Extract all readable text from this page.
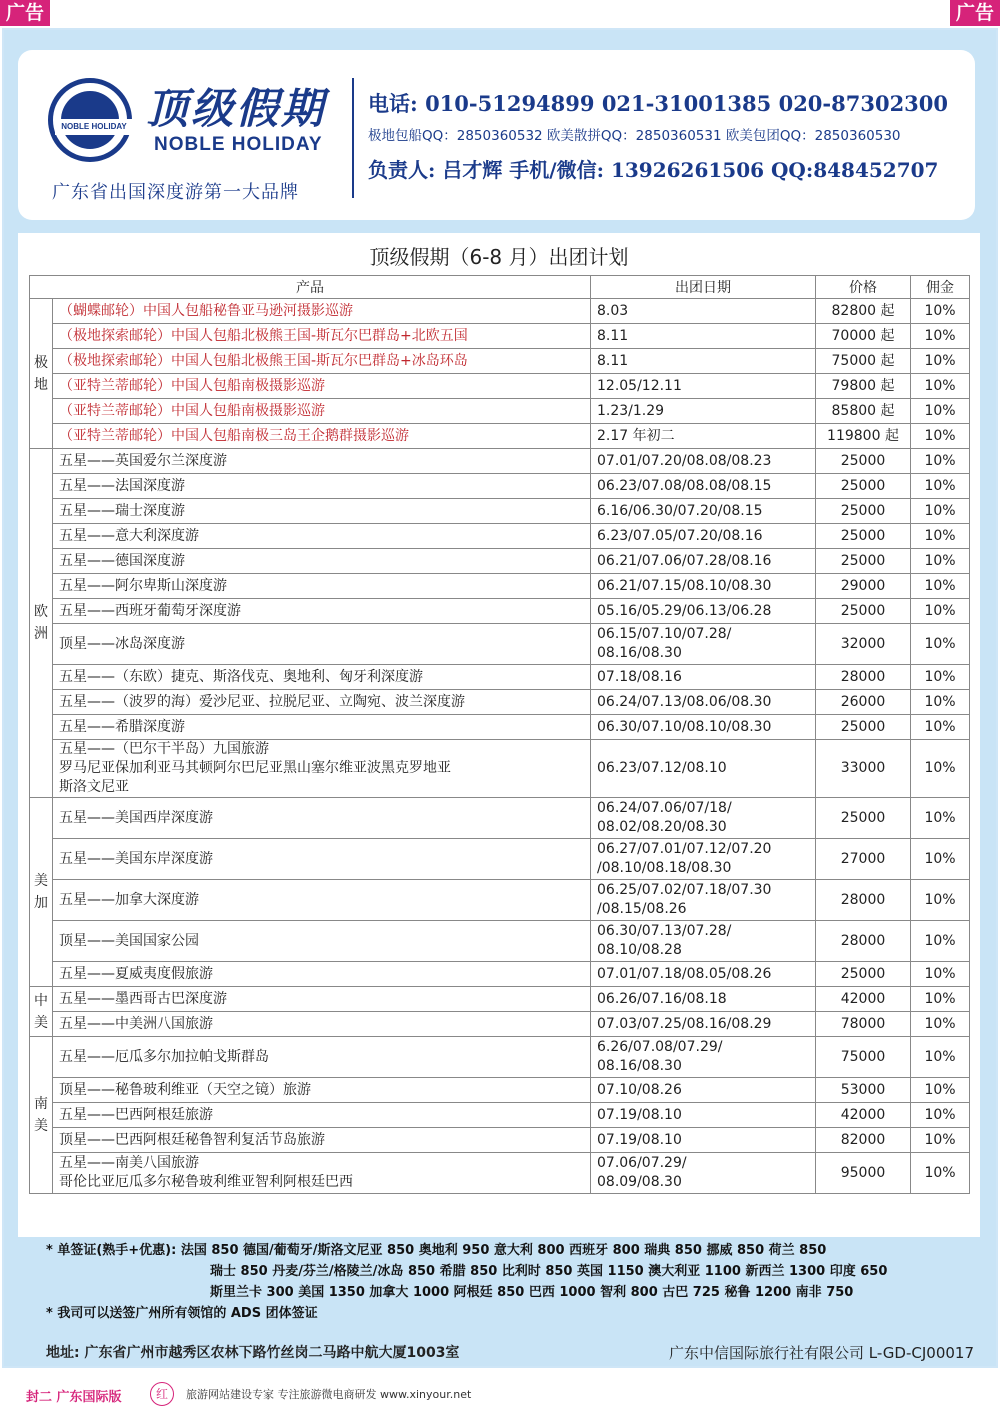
广告	广告
NOBLE HOLIDAY 顶级假期
NOBLE HOLIDAY
广东省出国深度游第一大品牌
电话: 010-51294899 021-31001385 020-87302300
极地包船QQ：2850360532 欧美散拼QQ：2850360531 欧美包团QQ：2850360530
负责人: 吕才辉 手机/微信: 13926261506 QQ:848452707
顶级假期（6-8 月）出团计划
产品		出团日期	价格	佣金
极地	（蝴蝶邮轮）中国人包船秘鲁亚马逊河摄影巡游	8.03	82800 起	10%
	（极地探索邮轮）中国人包船北极熊王国-斯瓦尔巴群岛+北欧五国	8.11	70000 起	10%
	（极地探索邮轮）中国人包船北极熊王国-斯瓦尔巴群岛+冰岛环岛	8.11	75000 起	10%
	（亚特兰蒂邮轮）中国人包船南极摄影巡游	12.05/12.11	79800 起	10%
	（亚特兰蒂邮轮）中国人包船南极摄影巡游	1.23/1.29	85800 起	10%
	（亚特兰蒂邮轮）中国人包船南极三岛王企鹅群摄影巡游	2.17 年初二	119800 起	10%
欧洲	五星——英国爱尔兰深度游	07.01/07.20/08.08/08.23	25000	10%
	五星——法国深度游	06.23/07.08/08.08/08.15	25000	10%
	五星——瑞士深度游	6.16/06.30/07.20/08.15	25000	10%
	五星——意大利深度游	6.23/07.05/07.20/08.16	25000	10%
	五星——德国深度游	06.21/07.06/07.28/08.16	25000	10%
	五星——阿尔卑斯山深度游	06.21/07.15/08.10/08.30	29000	10%
	五星——西班牙葡萄牙深度游	05.16/05.29/06.13/06.28	25000	10%
	顶星——冰岛深度游	06.15/07.10/07.28/
08.16/08.30	32000	10%
	五星——（东欧）捷克、斯洛伐克、奥地利、匈牙利深度游	07.18/08.16	28000	10%
	五星——（波罗的海）爱沙尼亚、拉脱尼亚、立陶宛、波兰深度游	06.24/07.13/08.06/08.30	26000	10%
	五星——希腊深度游	06.30/07.10/08.10/08.30	25000	10%
	五星——（巴尔干半岛）九国旅游
罗马尼亚保加利亚马其顿阿尔巴尼亚黑山塞尔维亚波黑克罗地亚
斯洛文尼亚	06.23/07.12/08.10	33000	10%
美加	五星——美国西岸深度游	06.24/07.06/07/18/
08.02/08.20/08.30	25000	10%
	五星——美国东岸深度游	06.27/07.01/07.12/07.20
/08.10/08.18/08.30	27000	10%
	五星——加拿大深度游	06.25/07.02/07.18/07.30
/08.15/08.26	28000	10%
	顶星——美国国家公园	06.30/07.13/07.28/
08.10/08.28	28000	10%
	五星——夏威夷度假旅游	07.01/07.18/08.05/08.26	25000	10%
中美	五星——墨西哥古巴深度游	06.26/07.16/08.18	42000	10%
	五星——中美洲八国旅游	07.03/07.25/08.16/08.29	78000	10%
南美	五星——厄瓜多尔加拉帕戈斯群岛	6.26/07.08/07.29/
08.16/08.30	75000	10%
	顶星——秘鲁玻利维亚（天空之镜）旅游	07.10/08.26	53000	10%
	五星——巴西阿根廷旅游	07.19/08.10	42000	10%
	顶星——巴西阿根廷秘鲁智利复活节岛旅游	07.19/08.10	82000	10%
	五星——南美八国旅游
哥伦比亚厄瓜多尔秘鲁玻利维亚智利阿根廷巴西	07.06/07.29/
08.09/08.30	95000	10%
* 单签证(熟手+优惠): 法国 850 德国/葡萄牙/斯洛文尼亚 850 奥地利 950 意大利 800 西班牙 800 瑞典 850 挪威 850 荷兰 850
瑞士 850 丹麦/芬兰/格陵兰/冰岛 850 希腊 850 比利时 850 英国 1150 澳大利亚 1100 新西兰 1300 印度 650
斯里兰卡 300 美国 1350 加拿大 1000 阿根廷 850 巴西 1000 智利 800 古巴 725 秘鲁 1200 南非 750
* 我司可以送签广州所有领馆的 ADS 团体签证
地址: 广东省广州市越秀区农林下路竹丝岗二马路中航大厦1003室	广东中信国际旅行社有限公司 L-GD-CJ00017
封二 广东国际版	红	旅游网站建设专家 专注旅游微电商研发 www.xinyour.net
